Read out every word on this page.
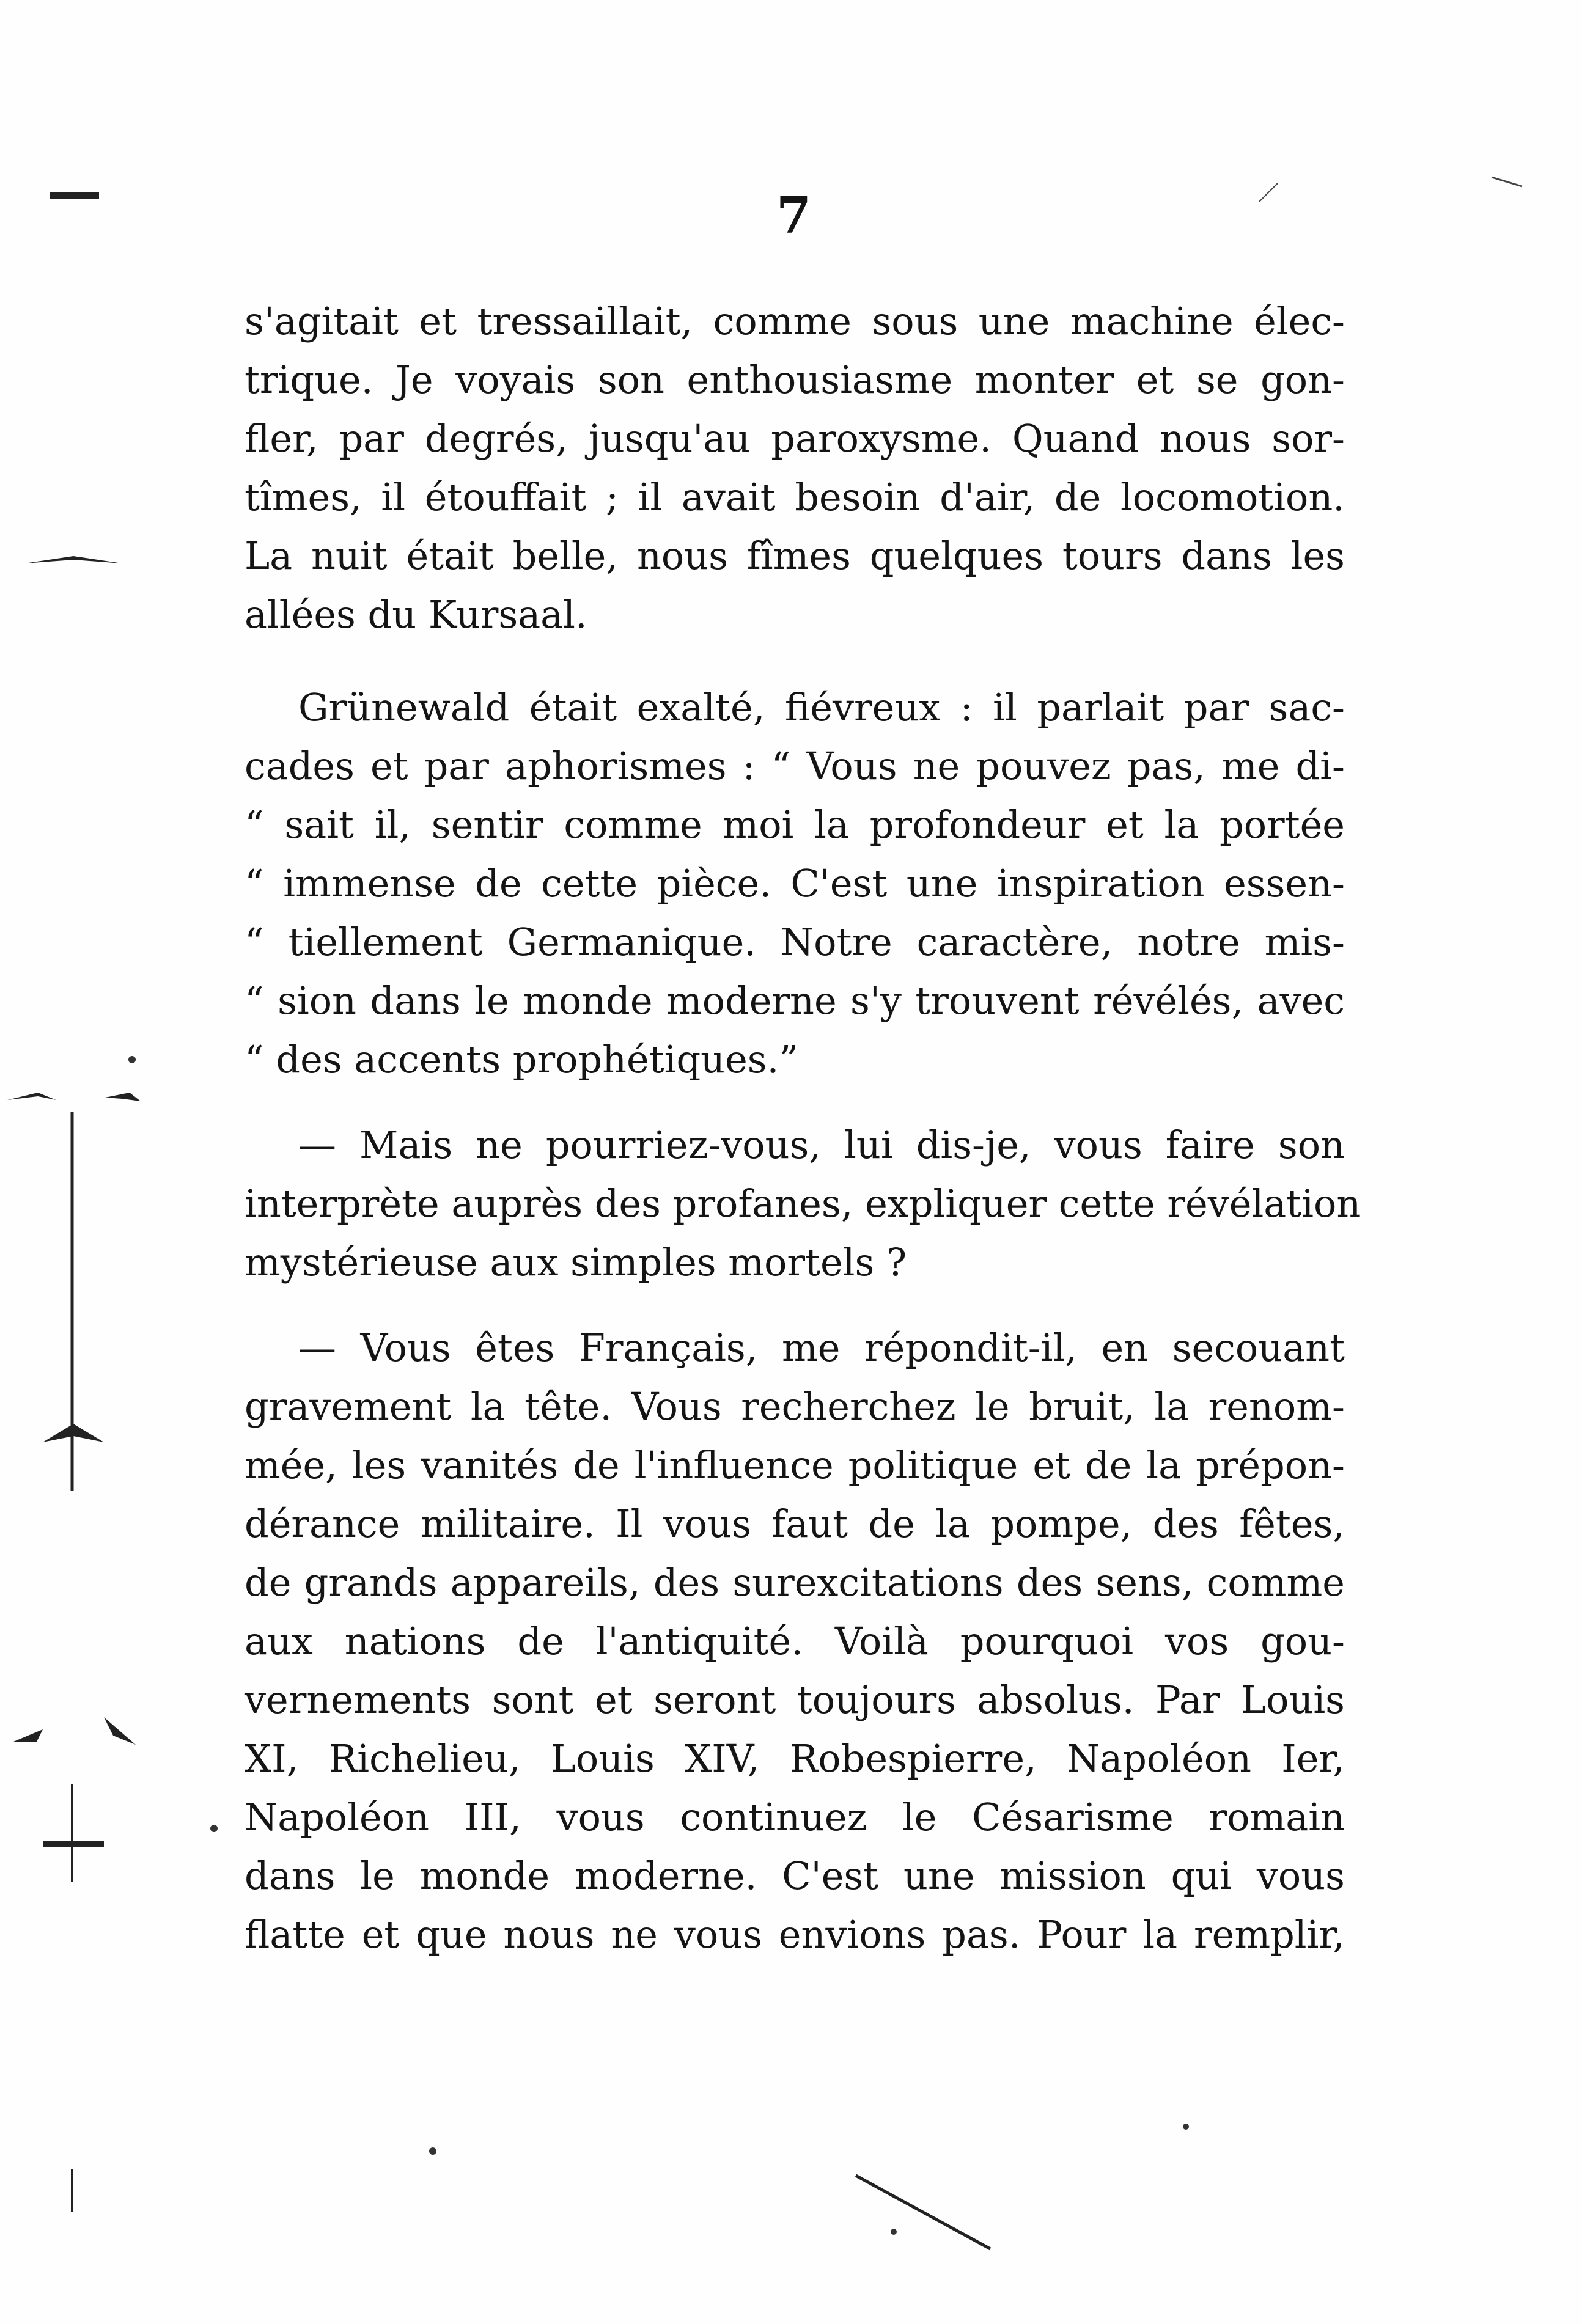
7
s'agitait et tressaillait, comme sous une machine élec-
trique. Je voyais son enthousiasme monter et se gon-
fler, par degrés, jusqu'au paroxysme. Quand nous sor-
tîmes, il étouffait ; il avait besoin d'air, de locomotion.
La nuit était belle, nous fîmes quelques tours dans les
allées du Kursaal.
Grünewald était exalté, fiévreux : il parlait par sac-
cades et par aphorismes : “ Vous ne pouvez pas, me di-
“ sait il, sentir comme moi la profondeur et la portée
“ immense de cette pièce. C'est une inspiration essen-
“ tiellement Germanique. Notre caractère, notre mis-
“ sion dans le monde moderne s'y trouvent révélés, avec
“ des accents prophétiques.”
— Mais ne pourriez-vous, lui dis-je, vous faire son
interprète auprès des profanes, expliquer cette révélation
mystérieuse aux simples mortels ?
— Vous êtes Français, me répondit-il, en secouant
gravement la tête. Vous recherchez le bruit, la renom-
mée, les vanités de l'influence politique et de la prépon-
dérance militaire. Il vous faut de la pompe, des fêtes,
de grands appareils, des surexcitations des sens, comme
aux nations de l'antiquité. Voilà pourquoi vos gou-
vernements sont et seront toujours absolus. Par Louis
XI, Richelieu, Louis XIV, Robespierre, Napoléon Ier,
Napoléon III, vous continuez le Césarisme romain
dans le monde moderne. C'est une mission qui vous
flatte et que nous ne vous envions pas. Pour la remplir,
